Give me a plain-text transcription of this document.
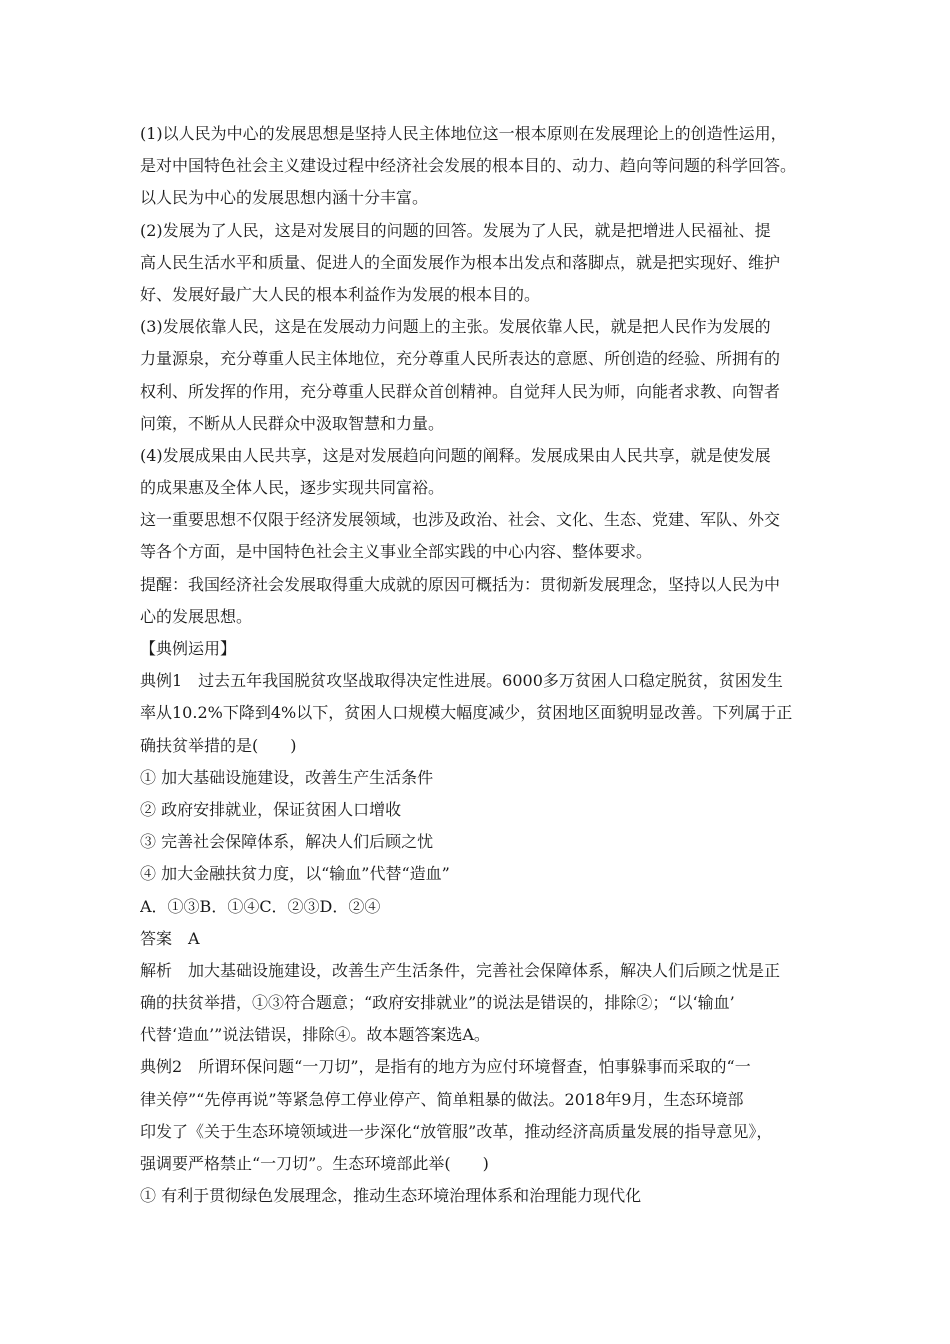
(1)以人民为中心的发展思想是坚持人民主体地位这一根本原则在发展理论上的创造性运用，
是对中国特色社会主义建设过程中经济社会发展的根本目的、动力、趋向等问题的科学回答。
以人民为中心的发展思想内涵十分丰富。
(2)发展为了人民，这是对发展目的问题的回答。发展为了人民，就是把增进人民福祉、提
高人民生活水平和质量、促进人的全面发展作为根本出发点和落脚点，就是把实现好、维护
好、发展好最广大人民的根本利益作为发展的根本目的。
(3)发展依靠人民，这是在发展动力问题上的主张。发展依靠人民，就是把人民作为发展的
力量源泉，充分尊重人民主体地位，充分尊重人民所表达的意愿、所创造的经验、所拥有的
权利、所发挥的作用，充分尊重人民群众首创精神。自觉拜人民为师，向能者求教、向智者
问策，不断从人民群众中汲取智慧和力量。
(4)发展成果由人民共享，这是对发展趋向问题的阐释。发展成果由人民共享，就是使发展
的成果惠及全体人民，逐步实现共同富裕。
这一重要思想不仅限于经济发展领域，也涉及政治、社会、文化、生态、党建、军队、外交
等各个方面，是中国特色社会主义事业全部实践的中心内容、整体要求。
提醒：我国经济社会发展取得重大成就的原因可概括为：贯彻新发展理念，坚持以人民为中
心的发展思想。
【典例运用】
典例1　过去五年我国脱贫攻坚战取得决定性进展。6000多万贫困人口稳定脱贫，贫困发生
率从10.2%下降到4%以下，贫困人口规模大幅度减少，贫困地区面貌明显改善。下列属于正
确扶贫举措的是(　　)
① 加大基础设施建设，改善生产生活条件
② 政府安排就业，保证贫困人口增收
③ 完善社会保障体系，解决人们后顾之忧
④ 加大金融扶贫力度，以“输血”代替“造血”
A．①③B．①④C．②③D．②④
答案　A
解析　加大基础设施建设，改善生产生活条件，完善社会保障体系，解决人们后顾之忧是正
确的扶贫举措，①③符合题意；“政府安排就业”的说法是错误的，排除②；“以‘输血’
代替‘造血’”说法错误，排除④。故本题答案选A。
典例2　所谓环保问题“一刀切”，是指有的地方为应付环境督查，怕事躲事而采取的“一
律关停”“先停再说”等紧急停工停业停产、简单粗暴的做法。2018年9月，生态环境部
印发了《关于生态环境领域进一步深化“放管服”改革，推动经济高质量发展的指导意见》，
强调要严格禁止“一刀切”。生态环境部此举(　　)
① 有利于贯彻绿色发展理念，推动生态环境治理体系和治理能力现代化
